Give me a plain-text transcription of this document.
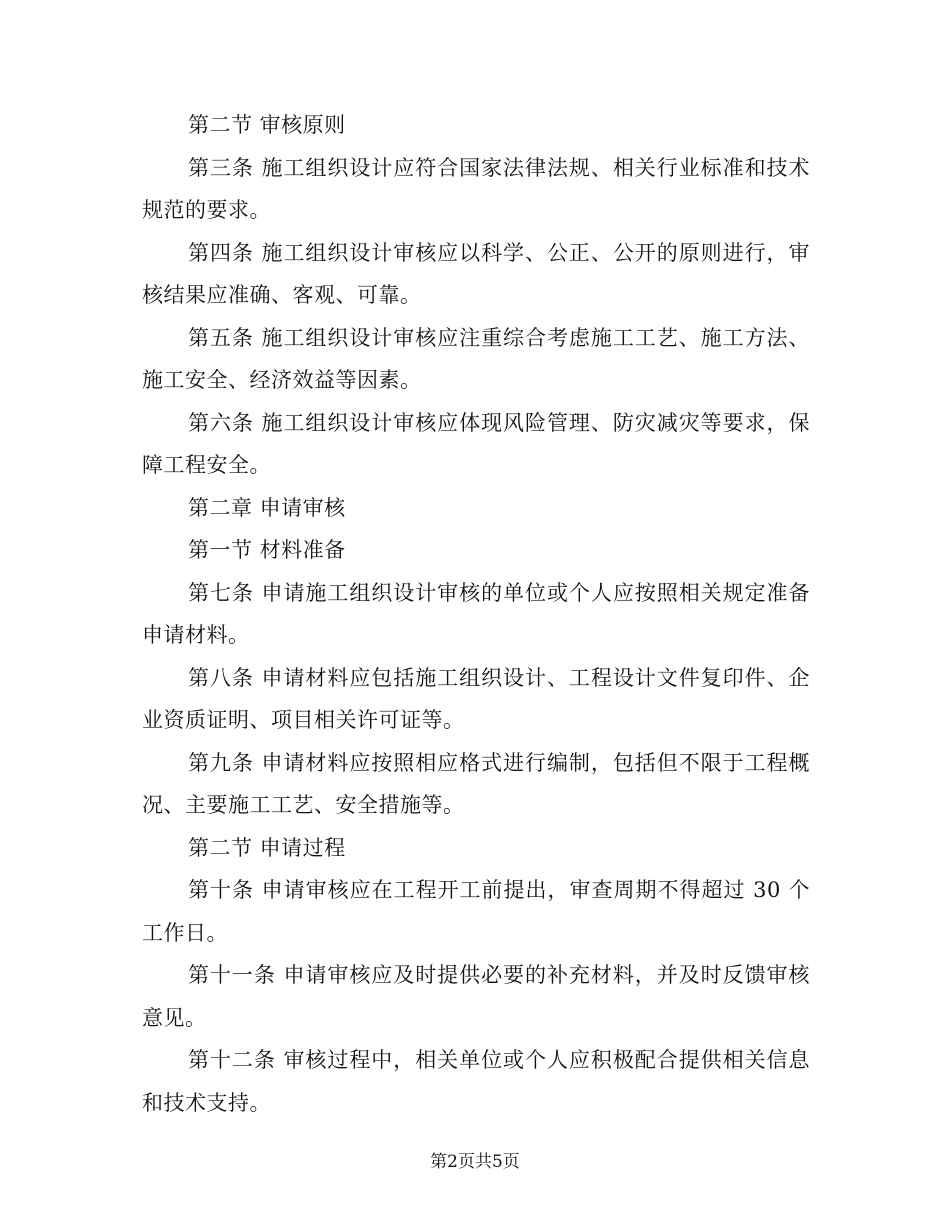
第二节 审核原则

第三条 施工组织设计应符合国家法律法规、相关行业标准和技术规范的要求。

第四条 施工组织设计审核应以科学、公正、公开的原则进行，审核结果应准确、客观、可靠。

第五条 施工组织设计审核应注重综合考虑施工工艺、施工方法、施工安全、经济效益等因素。

第六条 施工组织设计审核应体现风险管理、防灾减灾等要求，保障工程安全。

第二章 申请审核

第一节 材料准备

第七条 申请施工组织设计审核的单位或个人应按照相关规定准备申请材料。

第八条 申请材料应包括施工组织设计、工程设计文件复印件、企业资质证明、项目相关许可证等。

第九条 申请材料应按照相应格式进行编制，包括但不限于工程概况、主要施工工艺、安全措施等。

第二节 申请过程

第十条 申请审核应在工程开工前提出，审查周期不得超过 30 个工作日。

第十一条 申请审核应及时提供必要的补充材料，并及时反馈审核意见。

第十二条 审核过程中，相关单位或个人应积极配合提供相关信息和技术支持。

第2页共5页
